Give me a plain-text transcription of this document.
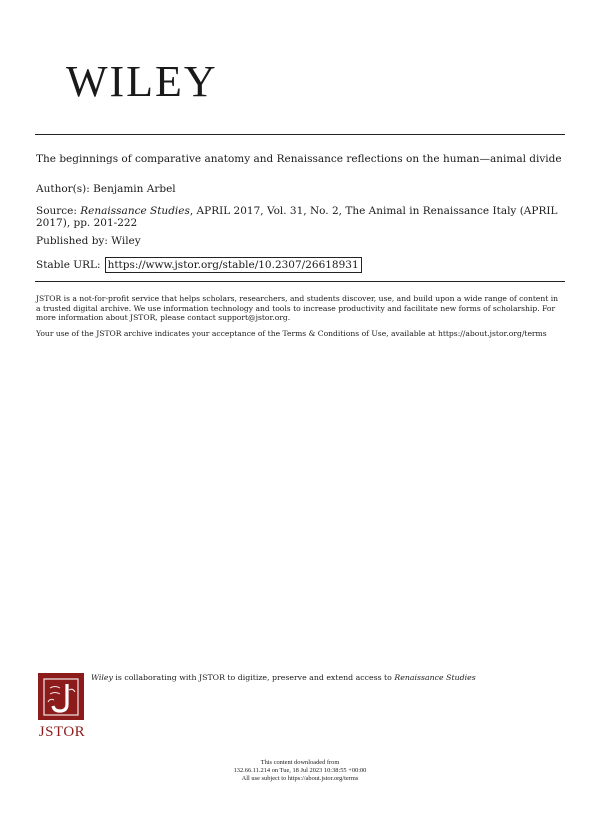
WILEY
The beginnings of comparative anatomy and Renaissance reflections on the human—animal divide
Author(s): Benjamin Arbel
Source: Renaissance Studies, APRIL 2017, Vol. 31, No. 2, The Animal in Renaissance Italy (APRIL 2017), pp. 201-222
Published by: Wiley
Stable URL: https://www.jstor.org/stable/10.2307/26618931
JSTOR is a not-for-profit service that helps scholars, researchers, and students discover, use, and build upon a wide range of content in a trusted digital archive. We use information technology and tools to increase productivity and facilitate new forms of scholarship. For more information about JSTOR, please contact support@jstor.org.
Your use of the JSTOR archive indicates your acceptance of the Terms & Conditions of Use, available at https://about.jstor.org/terms
JSTOR
Wiley is collaborating with JSTOR to digitize, preserve and extend access to Renaissance Studies
This content downloaded from
132.66.11.214 on Tue, 18 Jul 2023 10:38:55 +00:00
All use subject to https://about.jstor.org/terms
